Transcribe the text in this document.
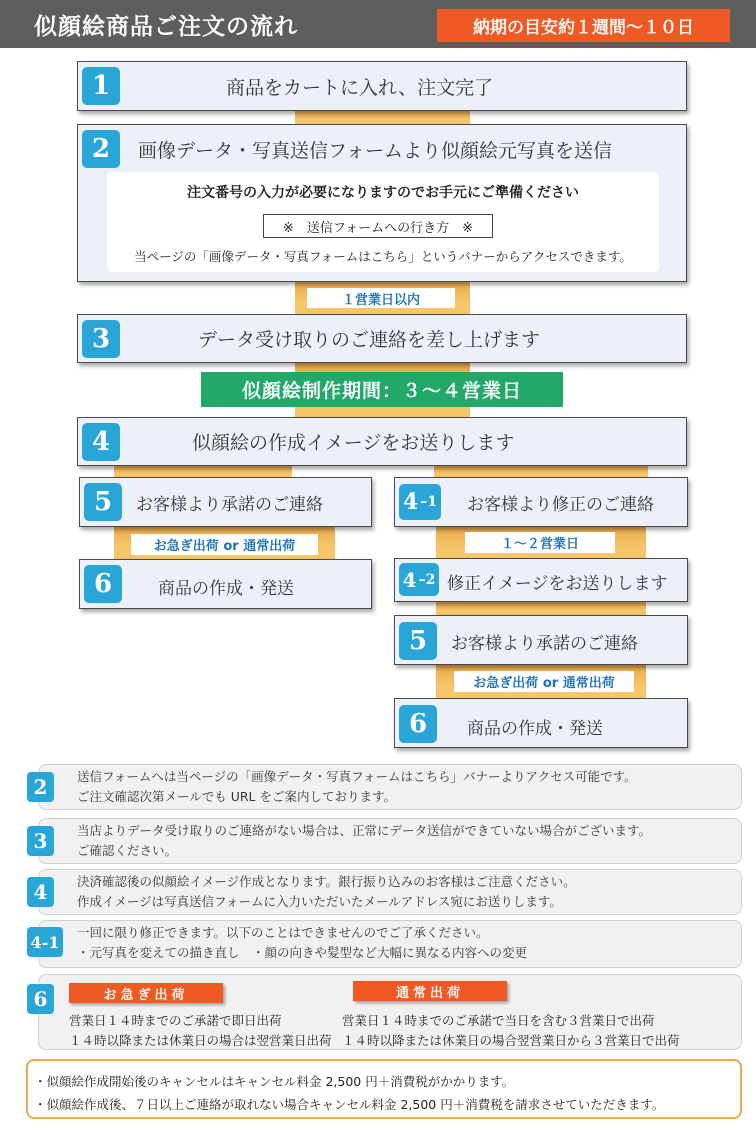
似顔絵商品ご注文の流れ	納期の目安約１週間〜１０日
1	商品をカートに入れ、注文完了
2	画像データ・写真送信フォームより似顔絵元写真を送信
注文番号の入力が必要になりますのでお手元にご準備ください
※　送信フォームへの行き方　※
当ページの「画像データ・写真フォームはこちら」というバナーからアクセスできます。
１営業日以内
3	データ受け取りのご連絡を差し上げます
似顔絵制作期間：３〜４営業日
4	似顔絵の作成イメージをお送りします
5	お客様より承諾のご連絡
お急ぎ出荷 or 通常出荷
6	商品の作成・発送
4 –1 お客様より修正のご連絡
１〜２営業日
4 –2 修正イメージをお送りします
5	お客様より承諾のご連絡
お急ぎ出荷 or 通常出荷
6	商品の作成・発送
2	送信フォームへは当ページの「画像データ・写真フォームはこちら」バナーよりアクセス可能です。
ご注文確認次第メールでも URL をご案内しております。
3	当店よりデータ受け取りのご連絡がない場合は、正常にデータ送信ができていない場合がございます。
ご確認ください。
4	決済確認後の似顔絵イメージ作成となります。銀行振り込みのお客様はご注意ください。
作成イメージは写真送信フォームに入力いただいたメールアドレス宛にお送りします。
4-1 一回に限り修正できます。以下のことはできませんのでご了承ください。
・元写真を変えての描き直し　・顔の向きや髪型など大幅に異なる内容への変更
6	お急ぎ出荷
営業日１４時までのご承諾で即日出荷
１４時以降または休業日の場合は翌営業日出荷
通常出荷
営業日１４時までのご承諾で当日を含む３営業日で出荷
１４時以降または休業日の場合翌営業日から３営業日で出荷
・似顔絵作成開始後のキャンセルはキャンセル料金 2,500 円＋消費税がかかります。
・似顔絵作成後、７日以上ご連絡が取れない場合キャンセル料金 2,500 円＋消費税を請求させていただきます。
